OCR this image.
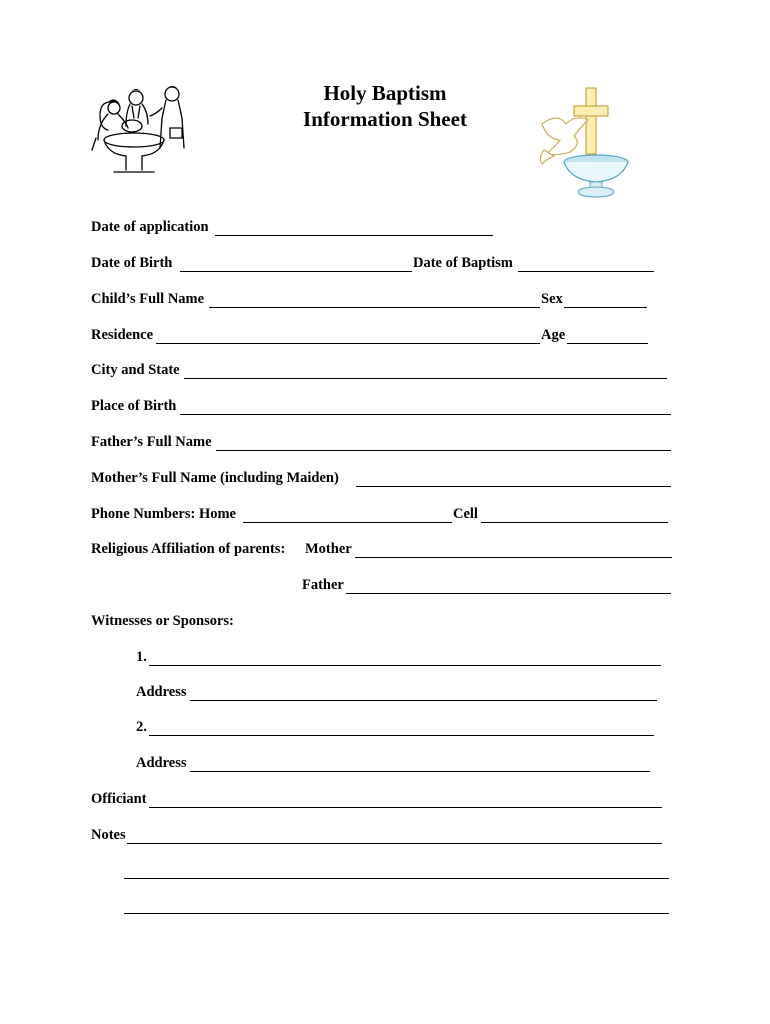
Holy Baptism
Information Sheet
Date of application
Date of Birth	Date of Baptism
Child’s Full Name	Sex
Residence	Age
City and State
Place of Birth
Father’s Full Name
Mother’s Full Name (including Maiden)
Phone Numbers: Home	Cell
Religious Affiliation of parents: Mother
Father
Witnesses or Sponsors:
1.
Address
2.
Address
Officiant
Notes
